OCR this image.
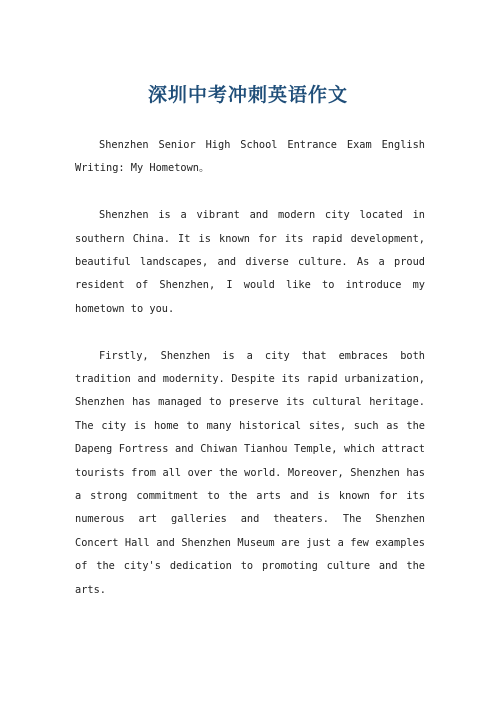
深圳中考冲刺英语作文

Shenzhen Senior High School Entrance Exam English Writing: My Hometown。

Shenzhen is a vibrant and modern city located in southern China. It is known for its rapid development, beautiful landscapes, and diverse culture. As a proud resident of Shenzhen, I would like to introduce my hometown to you.

Firstly, Shenzhen is a city that embraces both tradition and modernity. Despite its rapid urbanization, Shenzhen has managed to preserve its cultural heritage. The city is home to many historical sites, such as the Dapeng Fortress and Chiwan Tianhou Temple, which attract tourists from all over the world. Moreover, Shenzhen has a strong commitment to the arts and is known for its numerous art galleries and theaters. The Shenzhen Concert Hall and Shenzhen Museum are just a few examples of the city's dedication to promoting culture and the arts.
